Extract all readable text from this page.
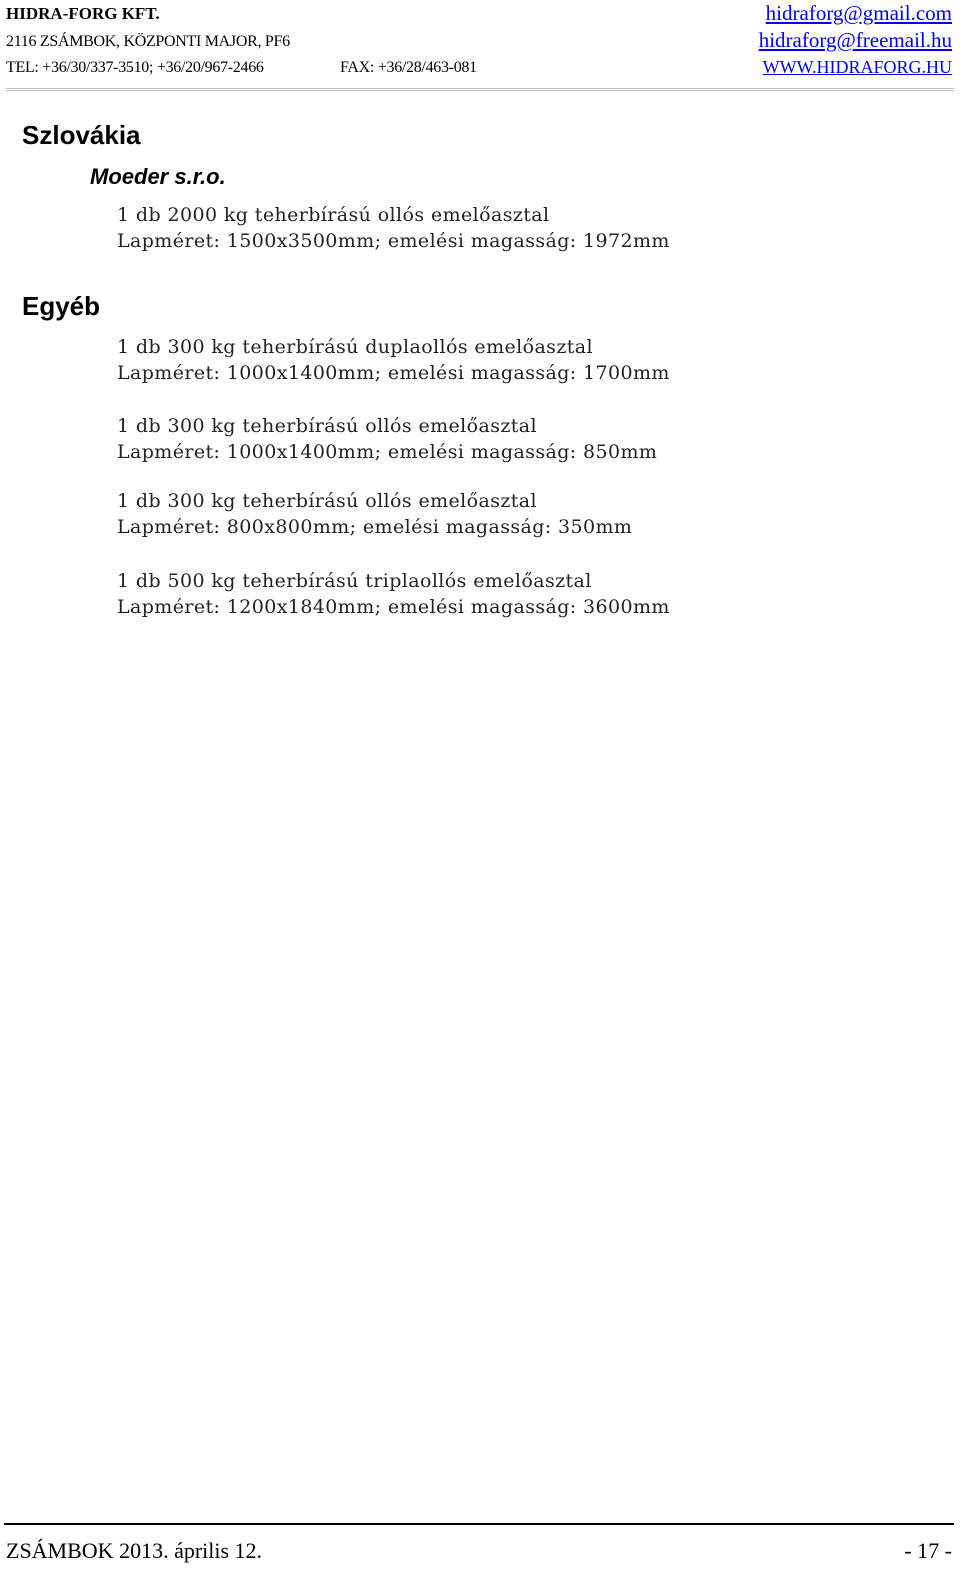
HIDRA-FORG KFT.
2116 ZSÁMBOK, KÖZPONTI MAJOR, PF6
TEL: +36/30/337-3510; +36/20/967-2466	FAX: +36/28/463-081
hidraforg@gmail.com
hidraforg@freemail.hu
WWW.HIDRAFORG.HU
Szlovákia
Moeder s.r.o.
1 db 2000 kg teherbírású ollós emelőasztal
Lapméret: 1500x3500mm; emelési magasság: 1972mm
Egyéb
1 db 300 kg teherbírású duplaollós emelőasztal
Lapméret: 1000x1400mm; emelési magasság: 1700mm
1 db 300 kg teherbírású ollós emelőasztal
Lapméret: 1000x1400mm; emelési magasság: 850mm
1 db 300 kg teherbírású ollós emelőasztal
Lapméret: 800x800mm; emelési magasság: 350mm
1 db 500 kg teherbírású triplaollós emelőasztal
Lapméret: 1200x1840mm; emelési magasság: 3600mm
ZSÁMBOK 2013. április 12.	- 17 -
